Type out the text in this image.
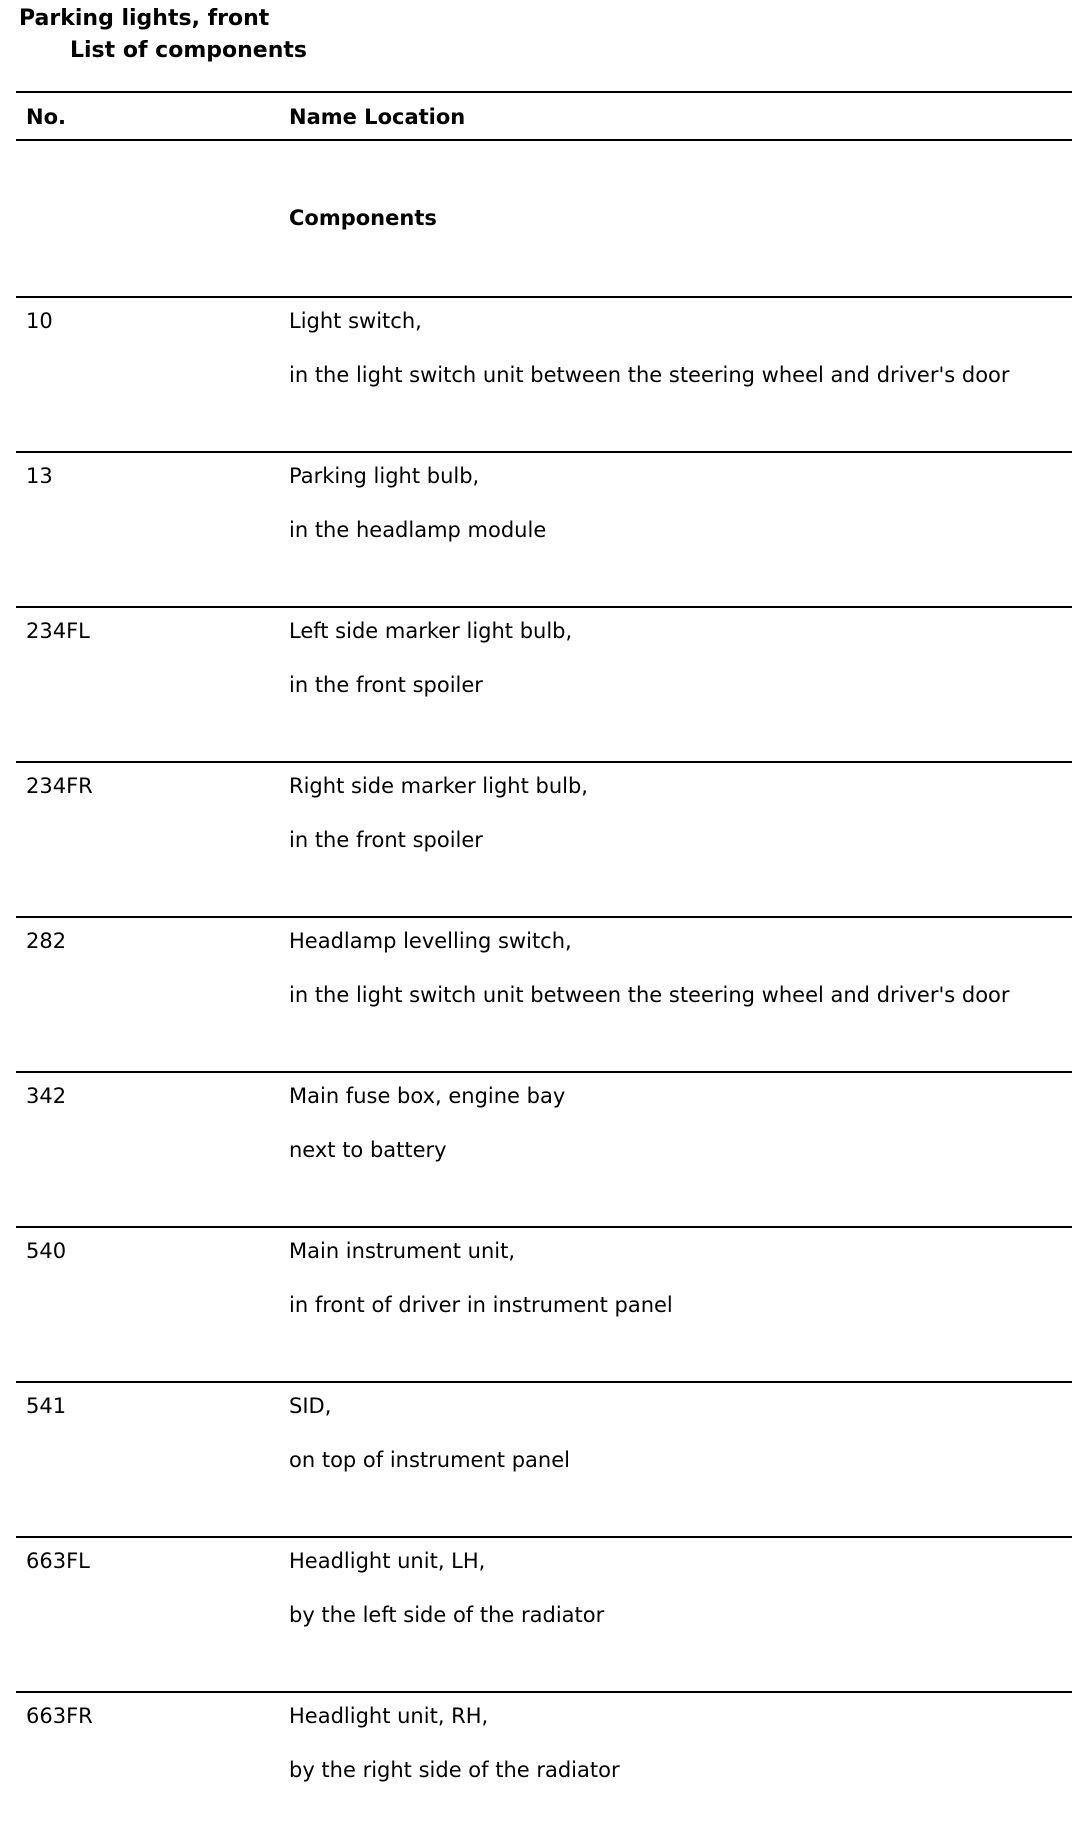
Parking lights, front
List of components
No.	Name Location
Components
10	Light switch,
in the light switch unit between the steering wheel and driver's door
13	Parking light bulb,
in the headlamp module
234FL	Left side marker light bulb,
in the front spoiler
234FR	Right side marker light bulb,
in the front spoiler
282	Headlamp levelling switch,
in the light switch unit between the steering wheel and driver's door
342	Main fuse box, engine bay
next to battery
540	Main instrument unit,
in front of driver in instrument panel
541	SID,
on top of instrument panel
663FL	Headlight unit, LH,
by the left side of the radiator
663FR	Headlight unit, RH,
by the right side of the radiator
